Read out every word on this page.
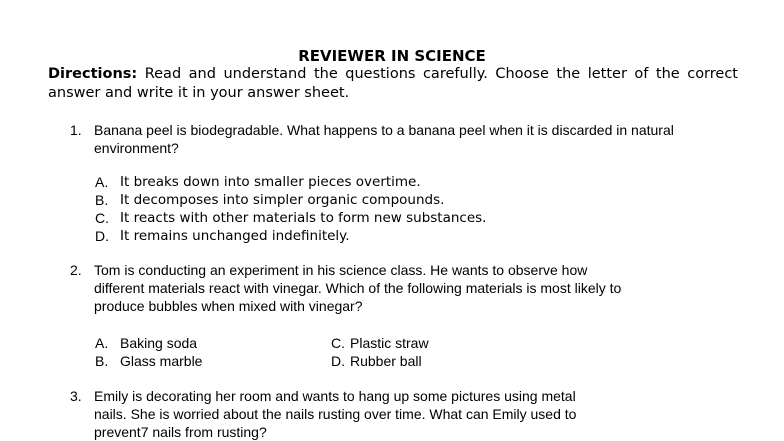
REVIEWER IN SCIENCE
Directions: Read and understand the questions carefully. Choose the letter of the correct answer and write it in your answer sheet.
1. Banana peel is biodegradable. What happens to a banana peel when it is discarded in natural environment?
A. It breaks down into smaller pieces overtime.
B. It decomposes into simpler organic compounds.
C. It reacts with other materials to form new substances.
D. It remains unchanged indefinitely.
2. Tom is conducting an experiment in his science class. He wants to observe how different materials react with vinegar. Which of the following materials is most likely to produce bubbles when mixed with vinegar?
A. Baking soda	C. Plastic straw
B. Glass marble	D. Rubber ball
3. Emily is decorating her room and wants to hang up some pictures using metal nails. She is worried about the nails rusting over time. What can Emily used to prevent7 nails from rusting?
